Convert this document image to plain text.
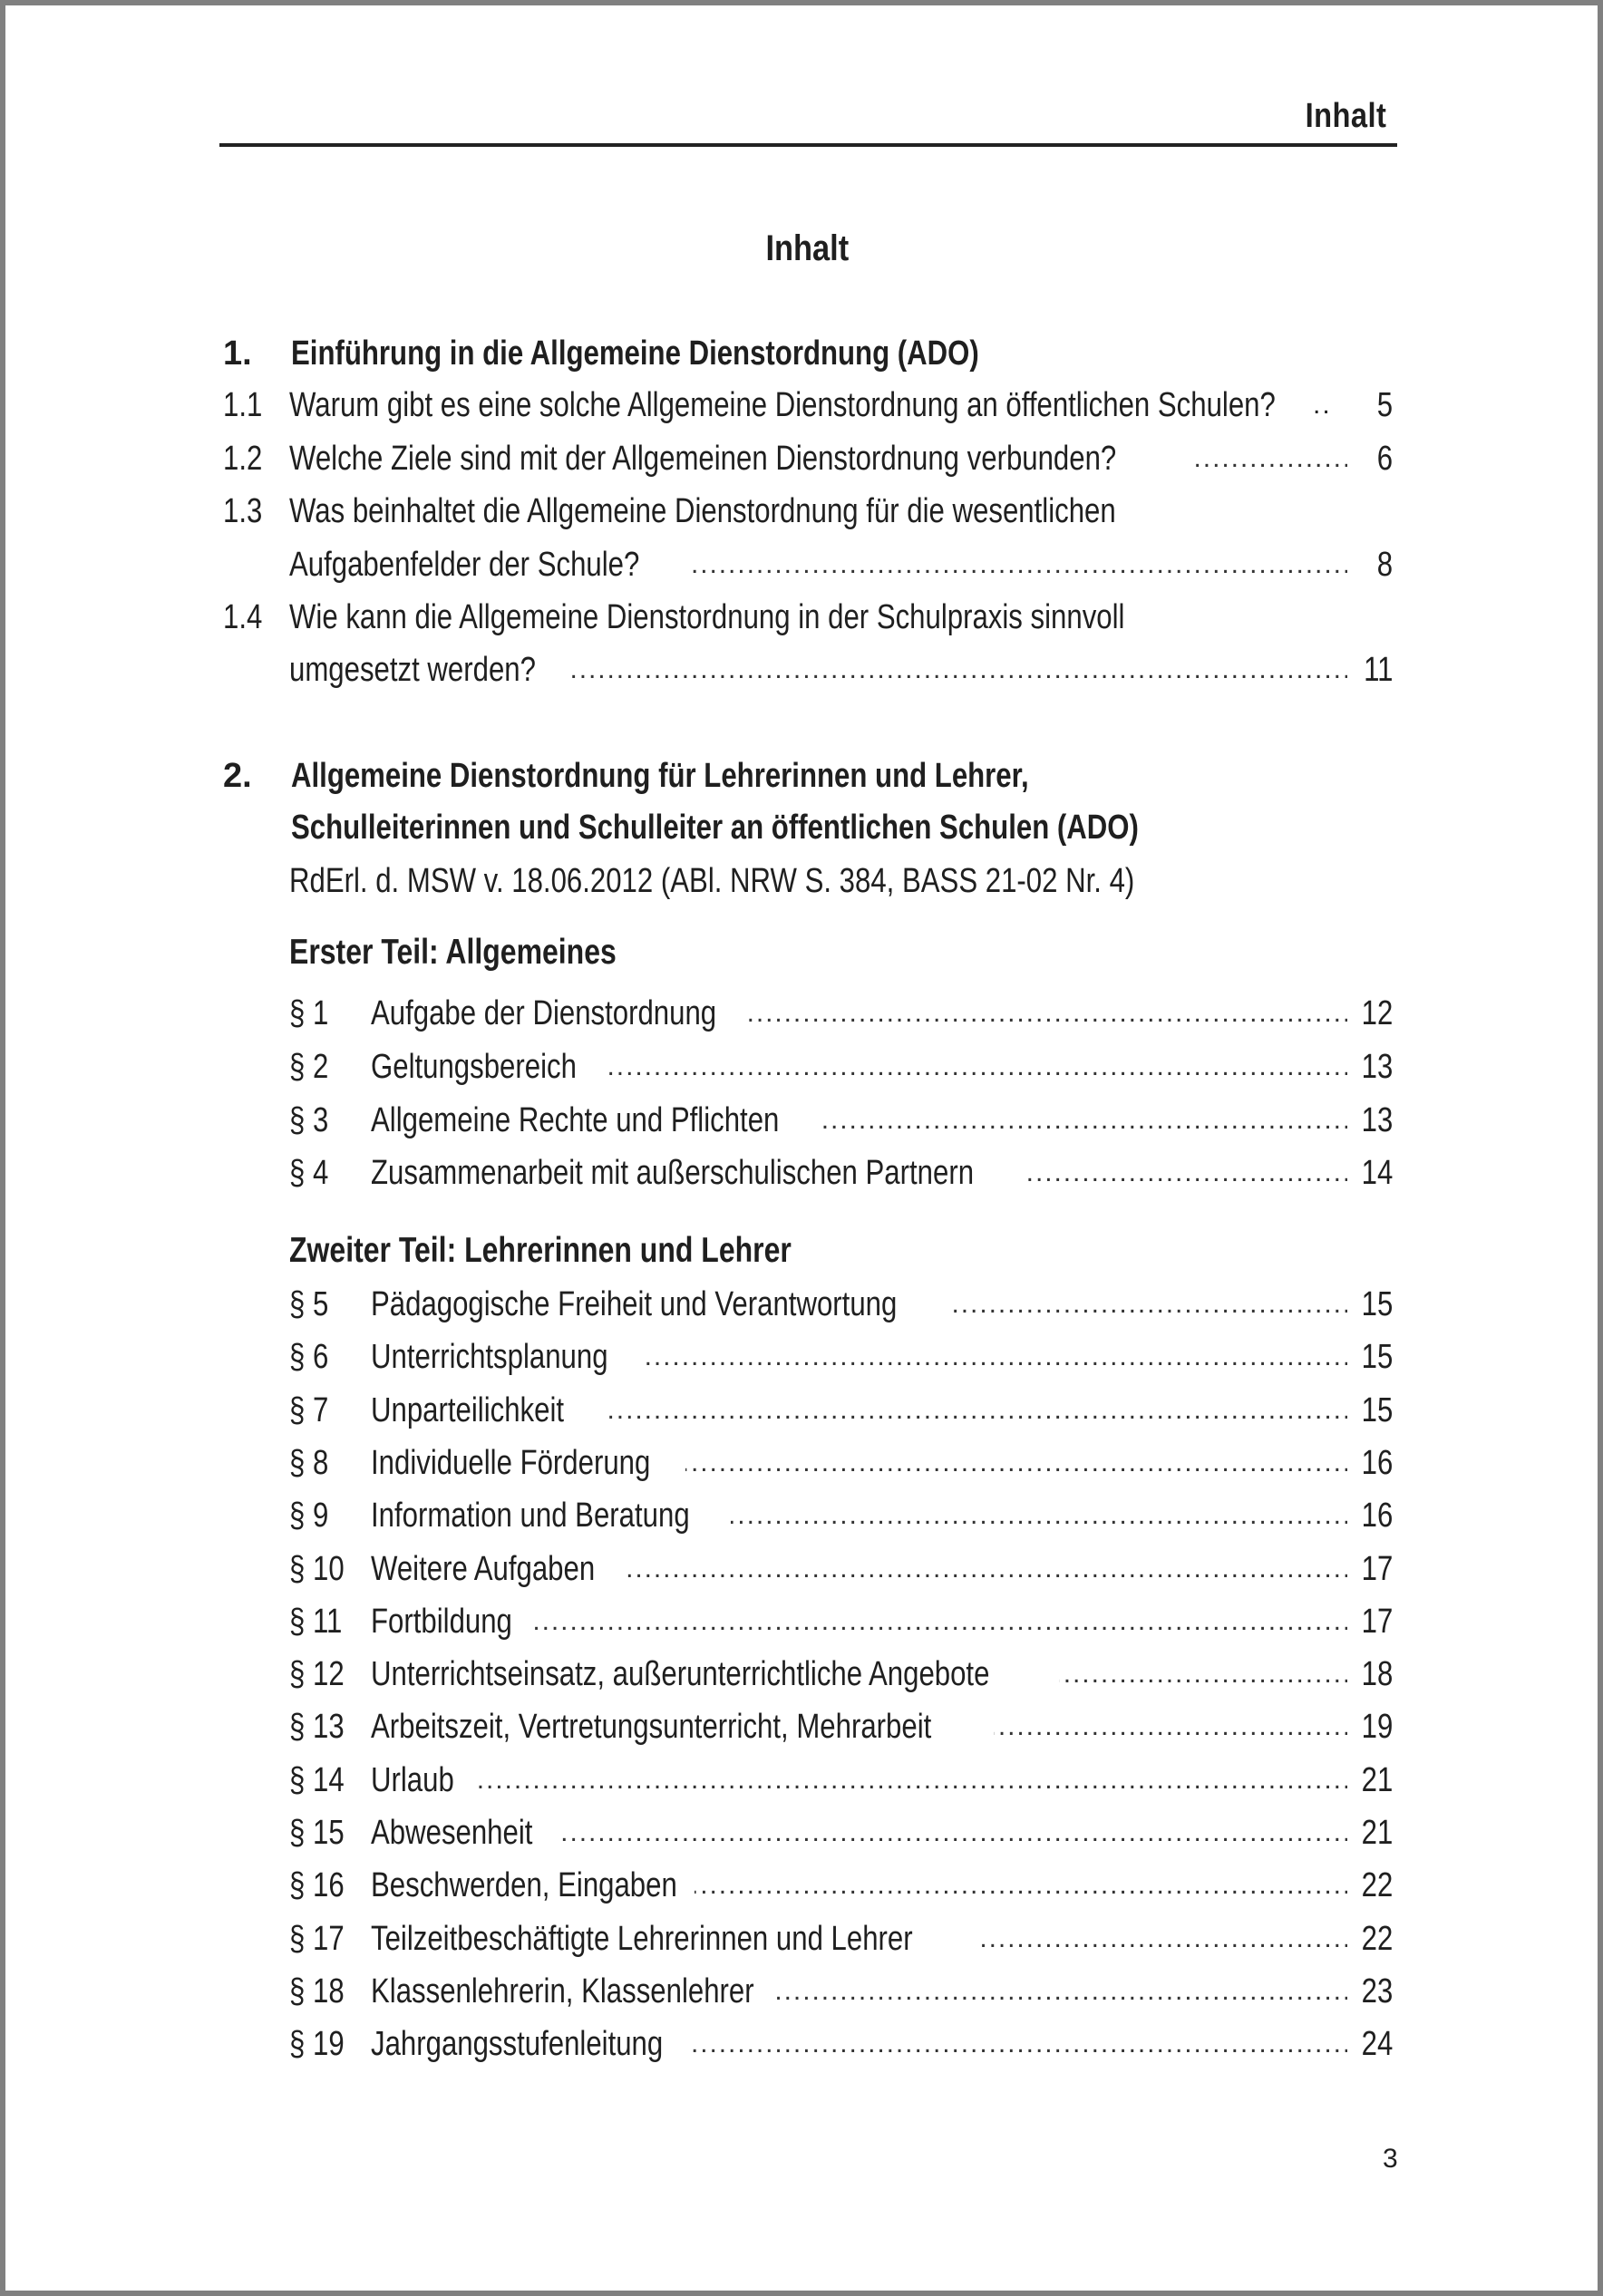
Inhalt
Inhalt
1. Einführung in die Allgemeine Dienstordnung (ADO)
1.1 Warum gibt es eine solche Allgemeine Dienstordnung an öffentlichen Schulen?	5
..
1.2 Welche Ziele sind mit der Allgemeinen Dienstordnung verbunden?	6
. . .
1.3 Was beinhaltet die Allgemeine Dienstordnung für die wesentlichen
Aufgabenfelder der Schule?	8
. . .
1.4 Wie kann die Allgemeine Dienstordnung in der Schulpraxis sinnvoll
umgesetzt werden?	11
. . .
2. Allgemeine Dienstordnung für Lehrerinnen und Lehrer,
Schulleiterinnen und Schulleiter an öffentlichen Schulen (ADO)
RdErl. d. MSW v. 18.06.2012 (ABl. NRW S. 384, BASS 21-02 Nr. 4)
Erster Teil: Allgemeines
§ 1 Aufgabe der Dienstordnung . . .	12
§ 2 Geltungsbereich . . .	13
§ 3 Allgemeine Rechte und Pflichten . . .	13
§ 4 Zusammenarbeit mit außerschulischen Partnern . . .	14
Zweiter Teil: Lehrerinnen und Lehrer
§ 5 Pädagogische Freiheit und Verantwortung . . .	15
§ 6 Unterrichtsplanung . . .	15
§ 7 Unparteilichkeit . . .	15
§ 8 Individuelle Förderung . . .	16
§ 9 Information und Beratung . . .	16
§ 10 Weitere Aufgaben . . .	17
§ 11 Fortbildung . . .	17
§ 12 Unterrichtseinsatz, außerunterrichtliche Angebote . . .	18
§ 13 Arbeitszeit, Vertretungsunterricht, Mehrarbeit . . .	19
§ 14 Urlaub . . .	21
§ 15 Abwesenheit . . .	21
§ 16 Beschwerden, Eingaben . . .	22
§ 17 Teilzeitbeschäftigte Lehrerinnen und Lehrer . . .	22
§ 18 Klassenlehrerin, Klassenlehrer . . .	23
§ 19 Jahrgangsstufenleitung . . .	24
3
